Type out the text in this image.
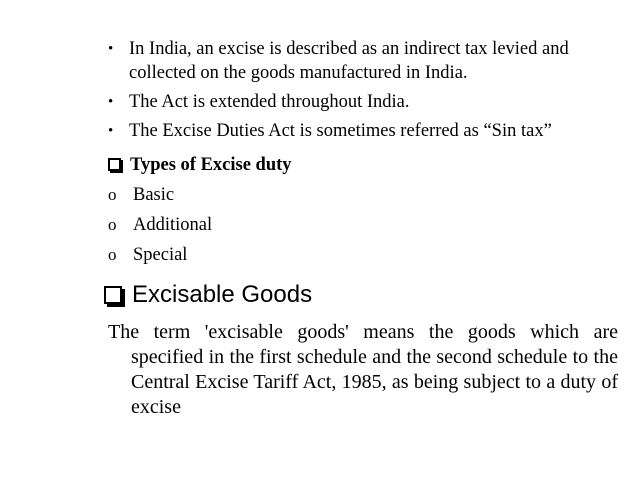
• In India, an excise is described as an indirect tax levied and collected on the goods manufactured in India.
• The Act is extended throughout India.
• The Excise Duties Act is sometimes referred as “Sin tax”
Types of Excise duty
o Basic
o Additional
o Special
Excisable Goods
The term 'excisable goods' means the goods which are specified in the first schedule and the second schedule to the Central Excise Tariff Act, 1985, as being subject to a duty of excise
